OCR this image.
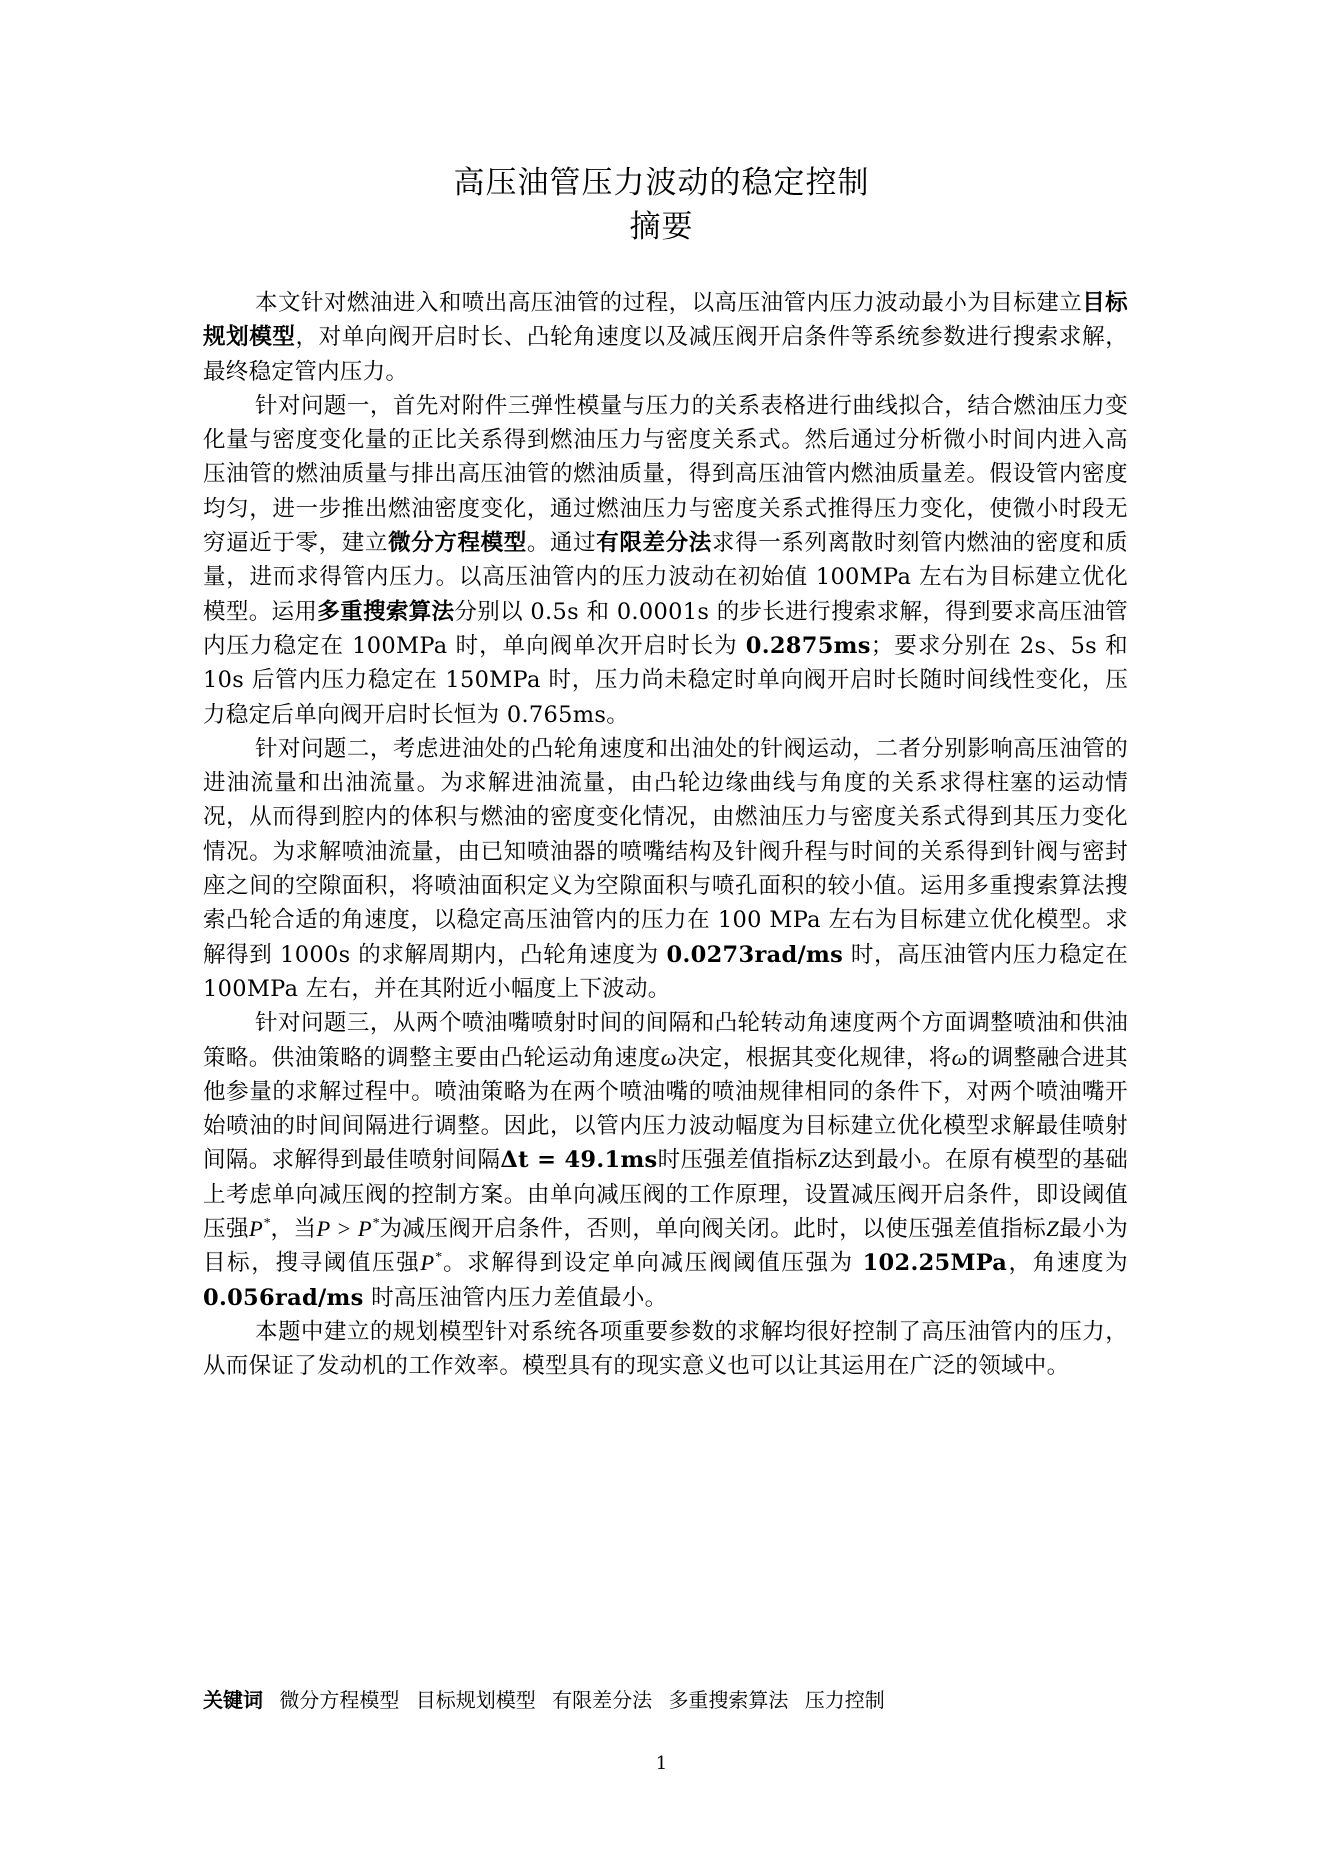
高压油管压力波动的稳定控制
摘要

本文针对燃油进入和喷出高压油管的过程，以高压油管内压力波动最小为目标建立目标规划模型，对单向阀开启时长、凸轮角速度以及减压阀开启条件等系统参数进行搜索求解，最终稳定管内压力。

针对问题一，首先对附件三弹性模量与压力的关系表格进行曲线拟合，结合燃油压力变化量与密度变化量的正比关系得到燃油压力与密度关系式。然后通过分析微小时间内进入高压油管的燃油质量与排出高压油管的燃油质量，得到高压油管内燃油质量差。假设管内密度均匀，进一步推出燃油密度变化，通过燃油压力与密度关系式推得压力变化，使微小时段无穷逼近于零，建立微分方程模型。通过有限差分法求得一系列离散时刻管内燃油的密度和质量，进而求得管内压力。以高压油管内的压力波动在初始值 100MPa 左右为目标建立优化模型。运用多重搜索算法分别以 0.5s 和 0.0001s 的步长进行搜索求解，得到要求高压油管内压力稳定在 100MPa 时，单向阀单次开启时长为 0.2875ms；要求分别在 2s、5s 和 10s 后管内压力稳定在 150MPa 时，压力尚未稳定时单向阀开启时长随时间线性变化，压力稳定后单向阀开启时长恒为 0.765ms。

针对问题二，考虑进油处的凸轮角速度和出油处的针阀运动，二者分别影响高压油管的进油流量和出油流量。为求解进油流量，由凸轮边缘曲线与角度的关系求得柱塞的运动情况，从而得到腔内的体积与燃油的密度变化情况，由燃油压力与密度关系式得到其压力变化情况。为求解喷油流量，由已知喷油器的喷嘴结构及针阀升程与时间的关系得到针阀与密封座之间的空隙面积，将喷油面积定义为空隙面积与喷孔面积的较小值。运用多重搜索算法搜索凸轮合适的角速度，以稳定高压油管内的压力在 100 MPa 左右为目标建立优化模型。求解得到 1000s 的求解周期内，凸轮角速度为 0.0273rad/ms 时，高压油管内压力稳定在 100MPa 左右，并在其附近小幅度上下波动。

针对问题三，从两个喷油嘴喷射时间的间隔和凸轮转动角速度两个方面调整喷油和供油策略。供油策略的调整主要由凸轮运动角速度ω决定，根据其变化规律，将ω的调整融合进其他参量的求解过程中。喷油策略为在两个喷油嘴的喷油规律相同的条件下，对两个喷油嘴开始喷油的时间间隔进行调整。因此，以管内压力波动幅度为目标建立优化模型求解最佳喷射间隔。求解得到最佳喷射间隔Δt = 49.1ms时压强差值指标Z达到最小。在原有模型的基础上考虑单向减压阀的控制方案。由单向减压阀的工作原理，设置减压阀开启条件，即设阈值压强P*，当P > P*为减压阀开启条件，否则，单向阀关闭。此时，以使压强差值指标Z最小为目标，搜寻阈值压强P*。求解得到设定单向减压阀阈值压强为 102.25MPa，角速度为 0.056rad/ms 时高压油管内压力差值最小。

本题中建立的规划模型针对系统各项重要参数的求解均很好控制了高压油管内的压力，从而保证了发动机的工作效率。模型具有的现实意义也可以让其运用在广泛的领域中。

关键词 微分方程模型 目标规划模型 有限差分法 多重搜索算法 压力控制
1
